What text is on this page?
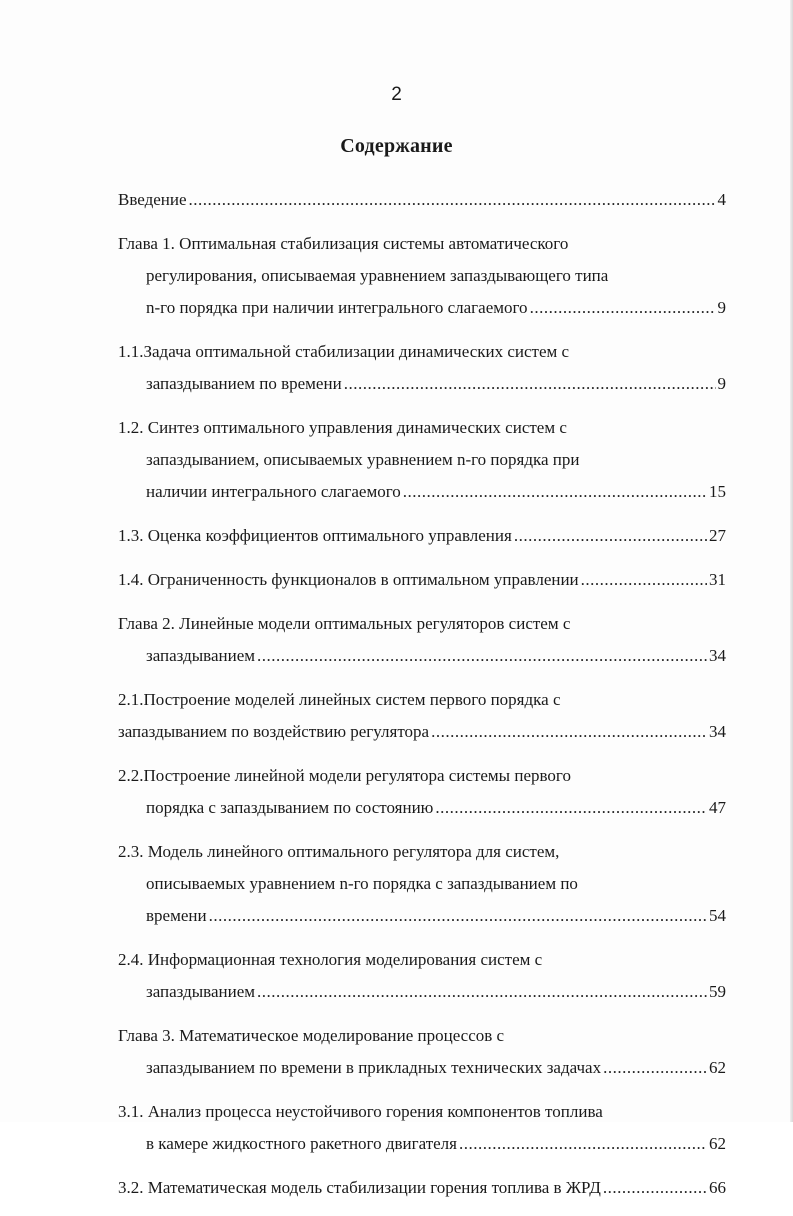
2
Содержание
Введение .....	4
Глава 1. Оптимальная стабилизация системы автоматического
регулирования, описываемая уравнением запаздывающего типа
n-го порядка при наличии интегрального слагаемого .....	9
1.1.Задача оптимальной стабилизации динамических систем с
запаздыванием по времени .....	9
1.2. Синтез оптимального управления динамических систем с
запаздыванием, описываемых уравнением n-го порядка при
наличии интегрального слагаемого .....	15
1.3. Оценка коэффициентов оптимального управления .....	27
1.4. Ограниченность функционалов в оптимальном управлении .....	31
Глава 2. Линейные модели оптимальных регуляторов систем с
запаздыванием .....	34
2.1.Построение моделей линейных систем первого порядка с
запаздыванием по воздействию регулятора .....	34
2.2.Построение линейной модели регулятора системы первого
порядка с запаздыванием по состоянию .....	47
2.3. Модель линейного оптимального регулятора для систем,
описываемых уравнением n-го порядка с запаздыванием по
времени .....	54
2.4. Информационная технология моделирования систем с
запаздыванием .....	59
Глава 3. Математическое моделирование процессов с
запаздыванием по времени в прикладных технических задачах .....	62
3.1. Анализ процесса неустойчивого горения компонентов топлива
в камере жидкостного ракетного двигателя .....	62
3.2. Математическая модель стабилизации горения топлива в ЖРД .....	66
